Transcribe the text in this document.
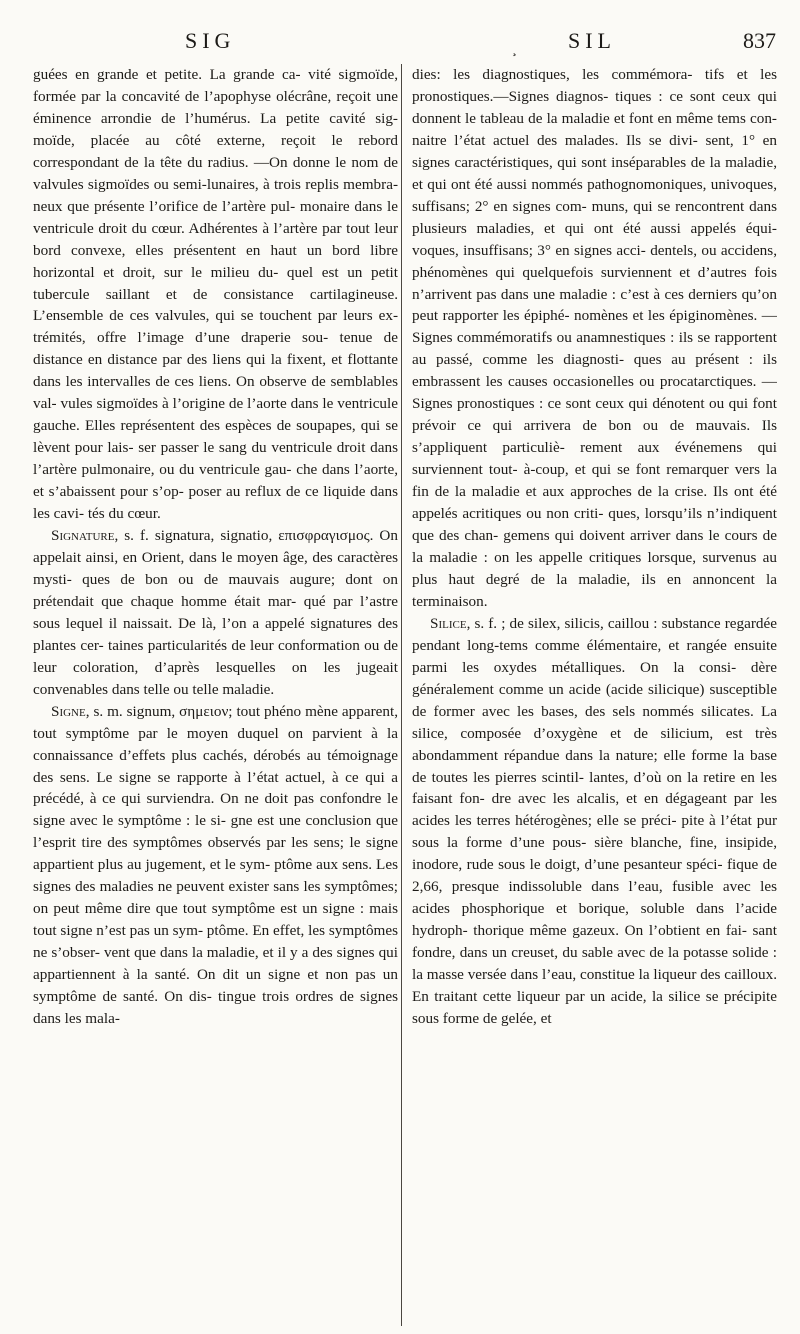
SIG	¸ SIL	837

guées en grande et petite. La grande ca- vité sigmoïde, formée par la concavité de l’apophyse olécrâne, reçoit une éminence arrondie de l’humérus. La petite cavité sig- moïde, placée au côté externe, reçoit le rebord correspondant de la tête du radius. —On donne le nom de valvules sigmoïdes ou semi-lunaires, à trois replis membra- neux que présente l’orifice de l’artère pul- monaire dans le ventricule droit du cœur. Adhérentes à l’artère par tout leur bord convexe, elles présentent en haut un bord libre horizontal et droit, sur le milieu du- quel est un petit tubercule saillant et de consistance cartilagineuse. L’ensemble de ces valvules, qui se touchent par leurs ex- trémités, offre l’image d’une draperie sou- tenue de distance en distance par des liens qui la fixent, et flottante dans les intervalles de ces liens. On observe de semblables val- vules sigmoïdes à l’origine de l’aorte dans le ventricule gauche. Elles représentent des espèces de soupapes, qui se lèvent pour lais- ser passer le sang du ventricule droit dans l’artère pulmonaire, ou du ventricule gau- che dans l’aorte, et s’abaissent pour s’op- poser au reflux de ce liquide dans les cavi- tés du cœur.

Signature, s. f. signatura, signatio, επισφραγισμος. On appelait ainsi, en Orient, dans le moyen âge, des caractères mysti- ques de bon ou de mauvais augure; dont on prétendait que chaque homme était mar- qué par l’astre sous lequel il naissait. De là, l’on a appelé signatures des plantes cer- taines particularités de leur conformation ou de leur coloration, d’après lesquelles on les jugeait convenables dans telle ou telle maladie.

Signe, s. m. signum, σημειον; tout phéno mène apparent, tout symptôme par le moyen duquel on parvient à la connaissance d’effets plus cachés, dérobés au témoignage des sens. Le signe se rapporte à l’état actuel, à ce qui a précédé, à ce qui surviendra. On ne doit pas confondre le signe avec le symptôme : le si- gne est une conclusion que l’esprit tire des symptômes observés par les sens; le signe appartient plus au jugement, et le sym- ptôme aux sens. Les signes des maladies ne peuvent exister sans les symptômes; on peut même dire que tout symptôme est un signe : mais tout signe n’est pas un sym- ptôme. En effet, les symptômes ne s’obser- vent que dans la maladie, et il y a des signes qui appartiennent à la santé. On dit un signe et non pas un symptôme de santé. On dis- tingue trois ordres de signes dans les mala-

dies: les diagnostiques, les commémora- tifs et les pronostiques.—Signes diagnos- tiques : ce sont ceux qui donnent le tableau de la maladie et font en même tems con- naitre l’état actuel des malades. Ils se divi- sent, 1° en signes caractéristiques, qui sont inséparables de la maladie, et qui ont été aussi nommés pathognomoniques, univoques, suffisans; 2° en signes com- muns, qui se rencontrent dans plusieurs maladies, et qui ont été aussi appelés équi- voques, insuffisans; 3° en signes acci- dentels, ou accidens, phénomènes qui quelquefois surviennent et d’autres fois n’arrivent pas dans une maladie : c’est à ces derniers qu’on peut rapporter les épiphé- nomènes et les épiginomènes. — Signes commémoratifs ou anamnestiques : ils se rapportent au passé, comme les diagnosti- ques au présent : ils embrassent les causes occasionelles ou procatarctiques. — Signes pronostiques : ce sont ceux qui dénotent ou qui font prévoir ce qui arrivera de bon ou de mauvais. Ils s’appliquent particuliè- rement aux événemens qui surviennent tout- à-coup, et qui se font remarquer vers la fin de la maladie et aux approches de la crise. Ils ont été appelés acritiques ou non criti- ques, lorsqu’ils n’indiquent que des chan- gemens qui doivent arriver dans le cours de la maladie : on les appelle critiques lorsque, survenus au plus haut degré de la maladie, ils en annoncent la terminaison.

Silice, s. f. ; de silex, silicis, caillou : substance regardée pendant long-tems comme élémentaire, et rangée ensuite parmi les oxydes métalliques. On la consi- dère généralement comme un acide (acide silicique) susceptible de former avec les bases, des sels nommés silicates. La silice, composée d’oxygène et de silicium, est très abondamment répandue dans la nature; elle forme la base de toutes les pierres scintil- lantes, d’où on la retire en les faisant fon- dre avec les alcalis, et en dégageant par les acides les terres hétérogènes; elle se préci- pite à l’état pur sous la forme d’une pous- sière blanche, fine, insipide, inodore, rude sous le doigt, d’une pesanteur spéci- fique de 2,66, presque indissoluble dans l’eau, fusible avec les acides phosphorique et borique, soluble dans l’acide hydroph- thorique même gazeux. On l’obtient en fai- sant fondre, dans un creuset, du sable avec de la potasse solide : la masse versée dans l’eau, constitue la liqueur des cailloux. En traitant cette liqueur par un acide, la silice se précipite sous forme de gelée, et
